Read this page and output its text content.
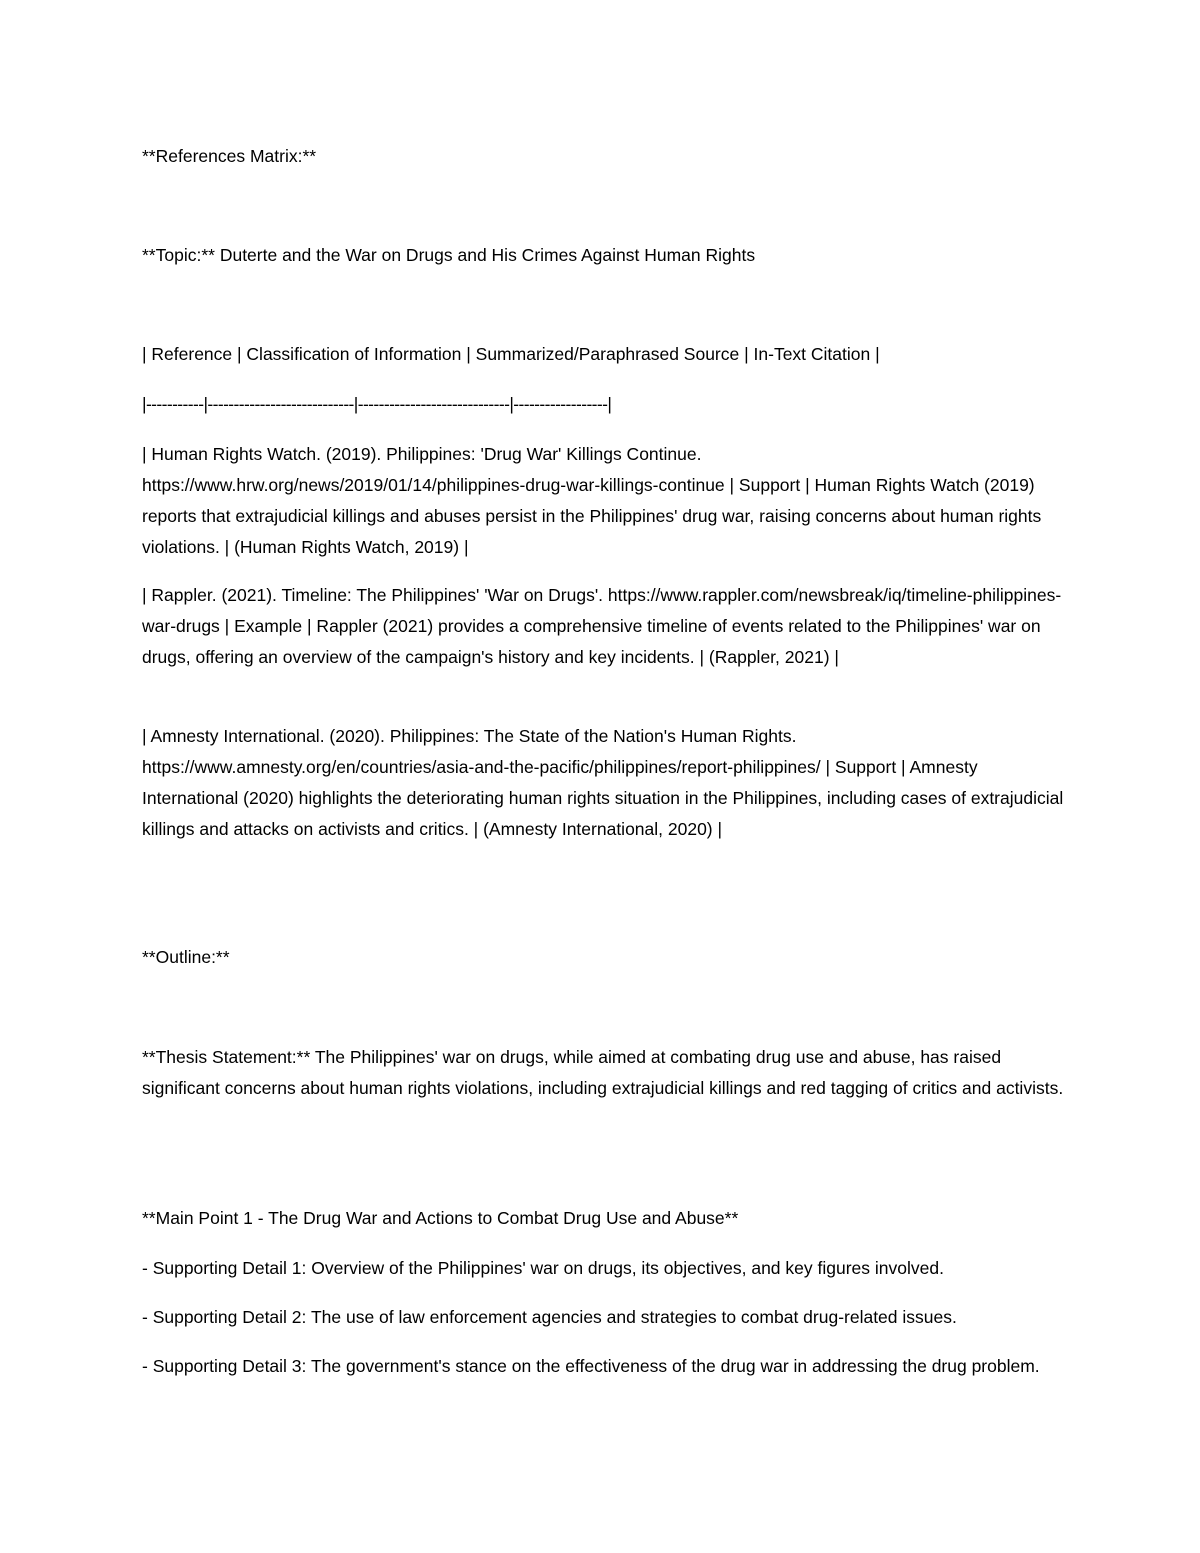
**References Matrix:**

**Topic:** Duterte and the War on Drugs and His Crimes Against Human Rights

| Reference | Classification of Information | Summarized/Paraphrased Source | In-Text Citation |

|-----------|----------------------------|-----------------------------|------------------|

| Human Rights Watch. (2019). Philippines: 'Drug War' Killings Continue. https://www.hrw.org/news/2019/01/14/philippines-drug-war-killings-continue | Support | Human Rights Watch (2019) reports that extrajudicial killings and abuses persist in the Philippines' drug war, raising concerns about human rights violations. | (Human Rights Watch, 2019) |

| Rappler. (2021). Timeline: The Philippines' 'War on Drugs'. https://www.rappler.com/newsbreak/iq/timeline-philippines-war-drugs | Example | Rappler (2021) provides a comprehensive timeline of events related to the Philippines' war on drugs, offering an overview of the campaign's history and key incidents. | (Rappler, 2021) |

| Amnesty International. (2020). Philippines: The State of the Nation's Human Rights. https://www.amnesty.org/en/countries/asia-and-the-pacific/philippines/report-philippines/ | Support | Amnesty International (2020) highlights the deteriorating human rights situation in the Philippines, including cases of extrajudicial killings and attacks on activists and critics. | (Amnesty International, 2020) |

**Outline:**

**Thesis Statement:** The Philippines' war on drugs, while aimed at combating drug use and abuse, has raised significant concerns about human rights violations, including extrajudicial killings and red tagging of critics and activists.

**Main Point 1 - The Drug War and Actions to Combat Drug Use and Abuse**

- Supporting Detail 1: Overview of the Philippines' war on drugs, its objectives, and key figures involved.

- Supporting Detail 2: The use of law enforcement agencies and strategies to combat drug-related issues.

- Supporting Detail 3: The government's stance on the effectiveness of the drug war in addressing the drug problem.
